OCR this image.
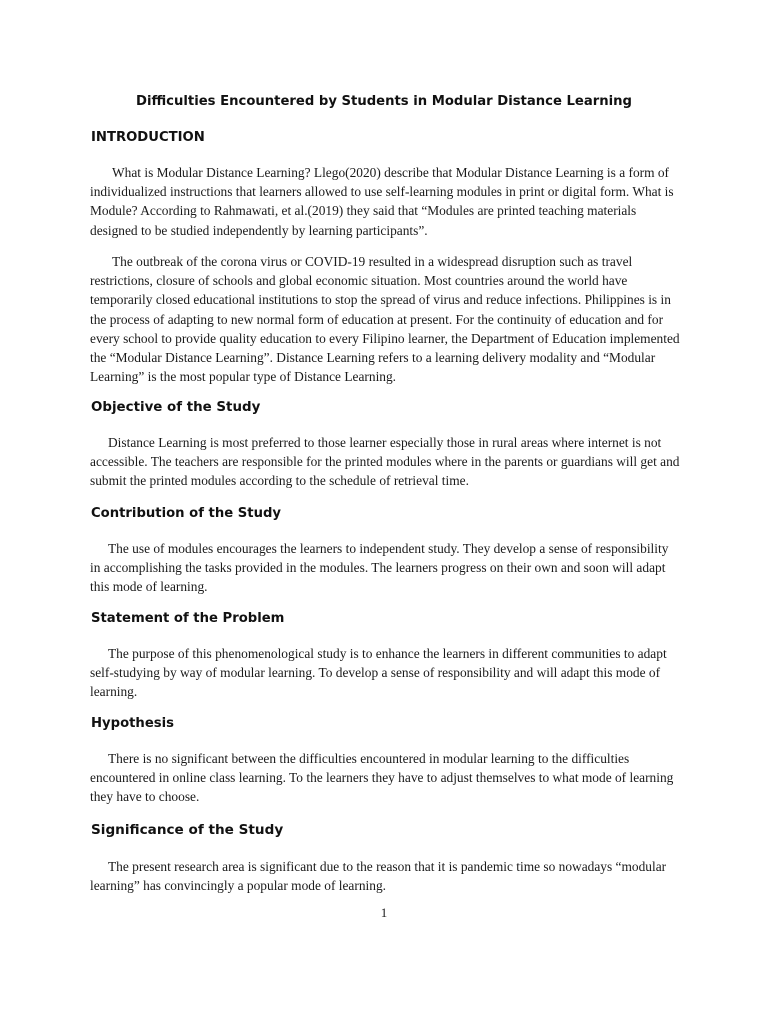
Difficulties Encountered by Students in Modular Distance Learning
INTRODUCTION

What is Modular Distance Learning? Llego(2020) describe that Modular Distance Learning is a form of individualized instructions that learners allowed to use self-learning modules in print or digital form. What is Module? According to Rahmawati, et al.(2019) they said that “Modules are printed teaching materials designed to be studied independently by learning participants”.

The outbreak of the corona virus or COVID-19 resulted in a widespread disruption such as travel restrictions, closure of schools and global economic situation. Most countries around the world have temporarily closed educational institutions to stop the spread of virus and reduce infections. Philippines is in the process of adapting to new normal form of education at present. For the continuity of education and for every school to provide quality education to every Filipino learner, the Department of Education implemented the “Modular Distance Learning”. Distance Learning refers to a learning delivery modality and “Modular Learning” is the most popular type of Distance Learning.

Objective of the Study

Distance Learning is most preferred to those learner especially those in rural areas where internet is not accessible. The teachers are responsible for the printed modules where in the parents or guardians will get and submit the printed modules according to the schedule of retrieval time.

Contribution of the Study

The use of modules encourages the learners to independent study. They develop a sense of responsibility in accomplishing the tasks provided in the modules. The learners progress on their own and soon will adapt this mode of learning.

Statement of the Problem

The purpose of this phenomenological study is to enhance the learners in different communities to adapt self-studying by way of modular learning. To develop a sense of responsibility and will adapt this mode of learning.

Hypothesis

There is no significant between the difficulties encountered in modular learning to the difficulties encountered in online class learning. To the learners they have to adjust themselves to what mode of learning they have to choose.

Significance of the Study

The present research area is significant due to the reason that it is pandemic time so nowadays “modular learning” has convincingly a popular mode of learning.

1
